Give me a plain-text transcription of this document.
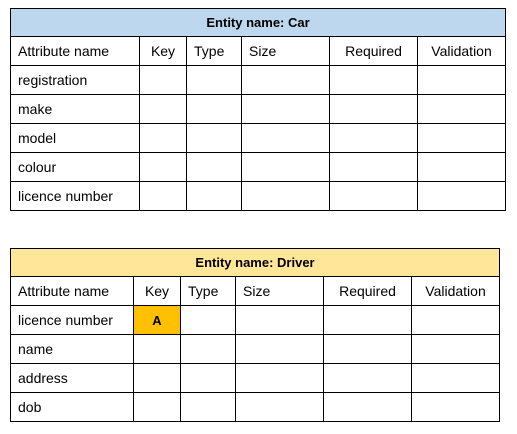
Entity name: Car					
Attribute name	Key	Type	Size	Required	Validation
registration					
make					
model					
colour					
licence number					
Entity name: Driver					
Attribute name	Key	Type	Size	Required	Validation
licence number	A				
name					
address					
dob					
